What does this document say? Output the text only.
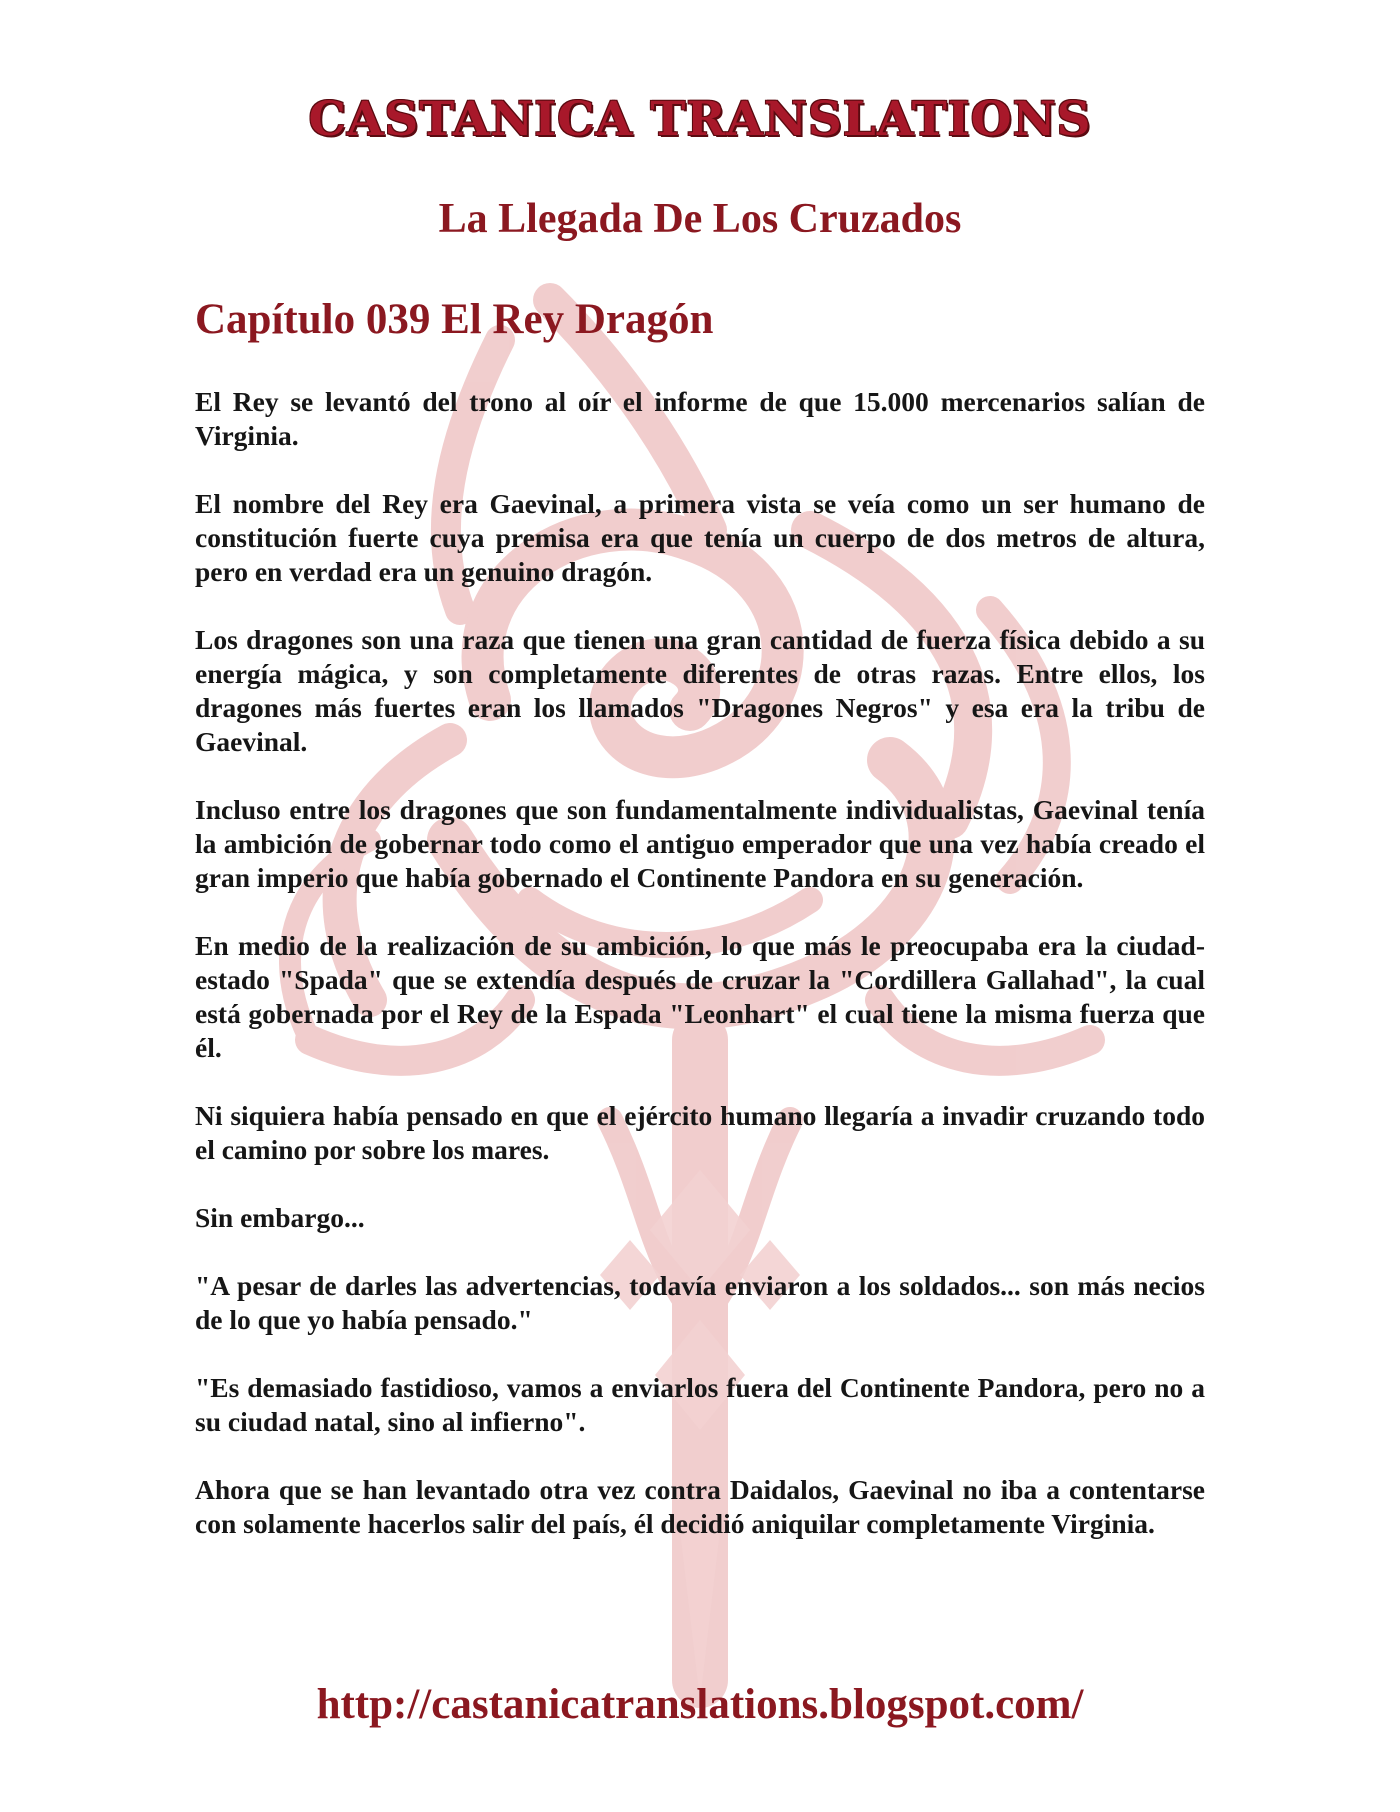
CASTANICA TRANSLATIONS
La Llegada De Los Cruzados
Capítulo 039 El Rey Dragón

El Rey se levantó del trono al oír el informe de que 15.000 mercenarios salían de Virginia.

El nombre del Rey era Gaevinal, a primera vista se veía como un ser humano de constitución fuerte cuya premisa era que tenía un cuerpo de dos metros de altura, pero en verdad era un genuino dragón.

Los dragones son una raza que tienen una gran cantidad de fuerza física debido a su energía mágica, y son completamente diferentes de otras razas. Entre ellos, los dragones más fuertes eran los llamados "Dragones Negros" y esa era la tribu de Gaevinal.

Incluso entre los dragones que son fundamentalmente individualistas, Gaevinal tenía la ambición de gobernar todo como el antiguo emperador que una vez había creado el gran imperio que había gobernado el Continente Pandora en su generación.

En medio de la realización de su ambición, lo que más le preocupaba era la ciudad-estado "Spada" que se extendía después de cruzar la "Cordillera Gallahad", la cual está gobernada por el Rey de la Espada "Leonhart" el cual tiene la misma fuerza que él.

Ni siquiera había pensado en que el ejército humano llegaría a invadir cruzando todo el camino por sobre los mares.

Sin embargo...

"A pesar de darles las advertencias, todavía enviaron a los soldados... son más necios de lo que yo había pensado."

"Es demasiado fastidioso, vamos a enviarlos fuera del Continente Pandora, pero no a su ciudad natal, sino al infierno".

Ahora que se han levantado otra vez contra Daidalos, Gaevinal no iba a contentarse con solamente hacerlos salir del país, él decidió aniquilar completamente Virginia.

http://castanicatranslations.blogspot.com/
